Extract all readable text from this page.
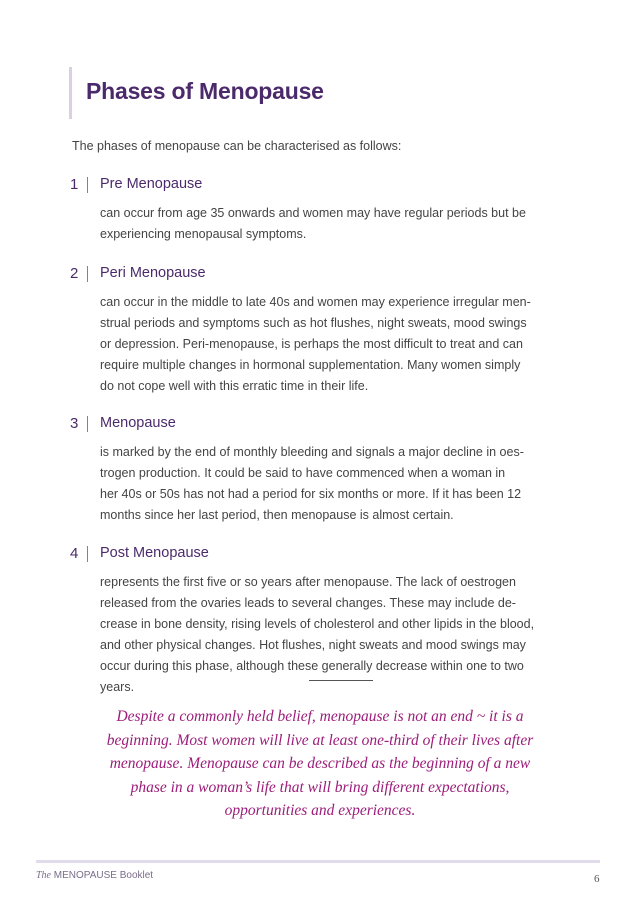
Phases of Menopause
The phases of menopause can be characterised as follows:
1 Pre Menopause
can occur from age 35 onwards and women may have regular periods but be
experiencing menopausal symptoms.
2 Peri Menopause
can occur in the middle to late 40s and women may experience irregular men-
strual periods and symptoms such as hot flushes, night sweats, mood swings
or depression. Peri-menopause, is perhaps the most difficult to treat and can
require multiple changes in hormonal supplementation. Many women simply
do not cope well with this erratic time in their life.
3 Menopause
is marked by the end of monthly bleeding and signals a major decline in oes-
trogen production. It could be said to have commenced when a woman in
her 40s or 50s has not had a period for six months or more. If it has been 12
months since her last period, then menopause is almost certain.
4 Post Menopause
represents the first five or so years after menopause. The lack of oestrogen
released from the ovaries leads to several changes. These may include de-
crease in bone density, rising levels of cholesterol and other lipids in the blood,
and other physical changes. Hot flushes, night sweats and mood swings may
occur during this phase, although these generally decrease within one to two
years.
Despite a commonly held belief, menopause is not an end ~ it is a
beginning. Most women will live at least one-third of their lives after
menopause. Menopause can be described as the beginning of a new
phase in a woman’s life that will bring different expectations,
opportunities and experiences.
The MENOPAUSE Booklet	6
